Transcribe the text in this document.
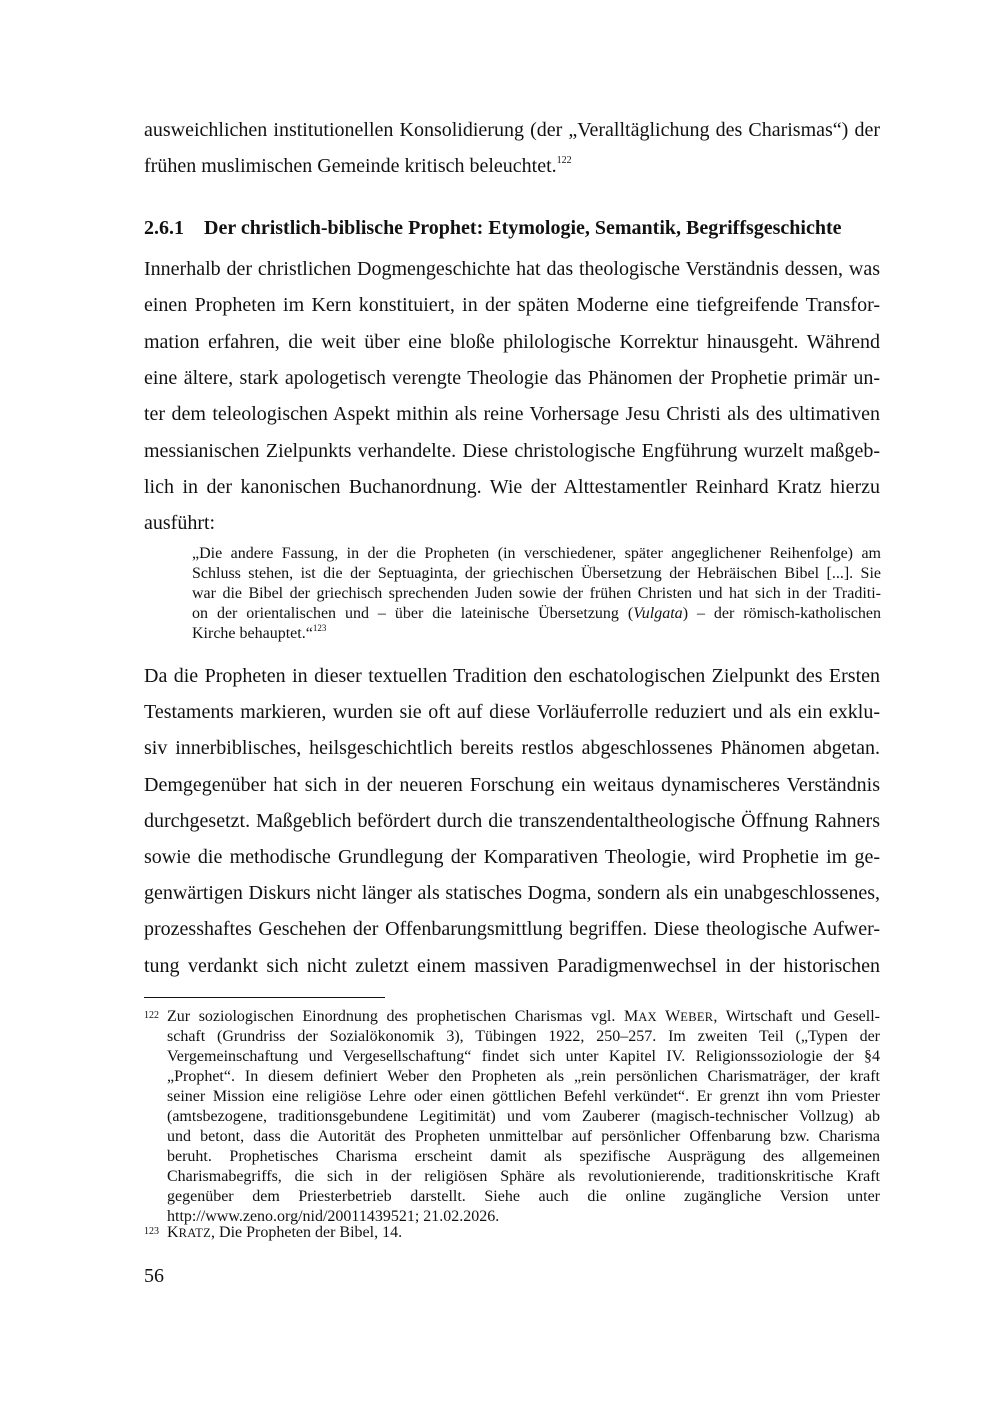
ausweichlichen institutionellen Konsolidierung (der „Veralltäglichung des Charismas“) der
frühen muslimischen Gemeinde kritisch beleuchtet.$^{122}$
2.6.1 Der christlich-biblische Prophet: Etymologie, Semantik, Begriffsgeschichte
Innerhalb der christlichen Dogmengeschichte hat das theologische Verständnis dessen, was
einen Propheten im Kern konstituiert, in der späten Moderne eine tiefgreifende Transfor-
mation erfahren, die weit über eine bloße philologische Korrektur hinausgeht. Während
eine ältere, stark apologetisch verengte Theologie das Phänomen der Prophetie primär un-
ter dem teleologischen Aspekt mithin als reine Vorhersage Jesu Christi als des ultimativen
messianischen Zielpunkts verhandelte. Diese christologische Engführung wurzelt maßgeb-
lich in der kanonischen Buchanordnung. Wie der Alttestamentler Reinhard Kratz hierzu
ausführt:
„Die andere Fassung, in der die Propheten (in verschiedener, später angeglichener Reihenfolge) am
Schluss stehen, ist die der Septuaginta, der griechischen Übersetzung der Hebräischen Bibel [...]. Sie
war die Bibel der griechisch sprechenden Juden sowie der frühen Christen und hat sich in der Traditi-
on der orientalischen und – über die lateinische Übersetzung (Vulgata) – der römisch-katholischen
Kirche behauptet.“$^{123}$
Da die Propheten in dieser textuellen Tradition den eschatologischen Zielpunkt des Ersten
Testaments markieren, wurden sie oft auf diese Vorläuferrolle reduziert und als ein exklu-
siv innerbiblisches, heilsgeschichtlich bereits restlos abgeschlossenes Phänomen abgetan.
Demgegenüber hat sich in der neueren Forschung ein weitaus dynamischeres Verständnis
durchgesetzt. Maßgeblich befördert durch die transzendentaltheologische Öffnung Rahners
sowie die methodische Grundlegung der Komparativen Theologie, wird Prophetie im ge-
genwärtigen Diskurs nicht länger als statisches Dogma, sondern als ein unabgeschlossenes,
prozesshaftes Geschehen der Offenbarungsmittlung begriffen. Diese theologische Aufwer-
tung verdankt sich nicht zuletzt einem massiven Paradigmenwechsel in der historischen
122 Zur soziologischen Einordnung des prophetischen Charismas vgl. MAX WEBER, Wirtschaft und Gesell-
schaft (Grundriss der Sozialökonomik 3), Tübingen 1922, 250–257. Im zweiten Teil („Typen der
Vergemeinschaftung und Vergesellschaftung“ findet sich unter Kapitel IV. Religionssoziologie der §4
„Prophet“. In diesem definiert Weber den Propheten als „rein persönlichen Charismaträger, der kraft
seiner Mission eine religiöse Lehre oder einen göttlichen Befehl verkündet“. Er grenzt ihn vom Priester
(amtsbezogene, traditionsgebundene Legitimität) und vom Zauberer (magisch-technischer Vollzug) ab
und betont, dass die Autorität des Propheten unmittelbar auf persönlicher Offenbarung bzw. Charisma
beruht. Prophetisches Charisma erscheint damit als spezifische Ausprägung des allgemeinen
Charismabegriffs, die sich in der religiösen Sphäre als revolutionierende, traditionskritische Kraft
gegenüber dem Priesterbetrieb darstellt. Siehe auch die online zugängliche Version unter
http://www.zeno.org/nid/20011439521; 21.02.2026.
123 KRATZ, Die Propheten der Bibel, 14.
56
